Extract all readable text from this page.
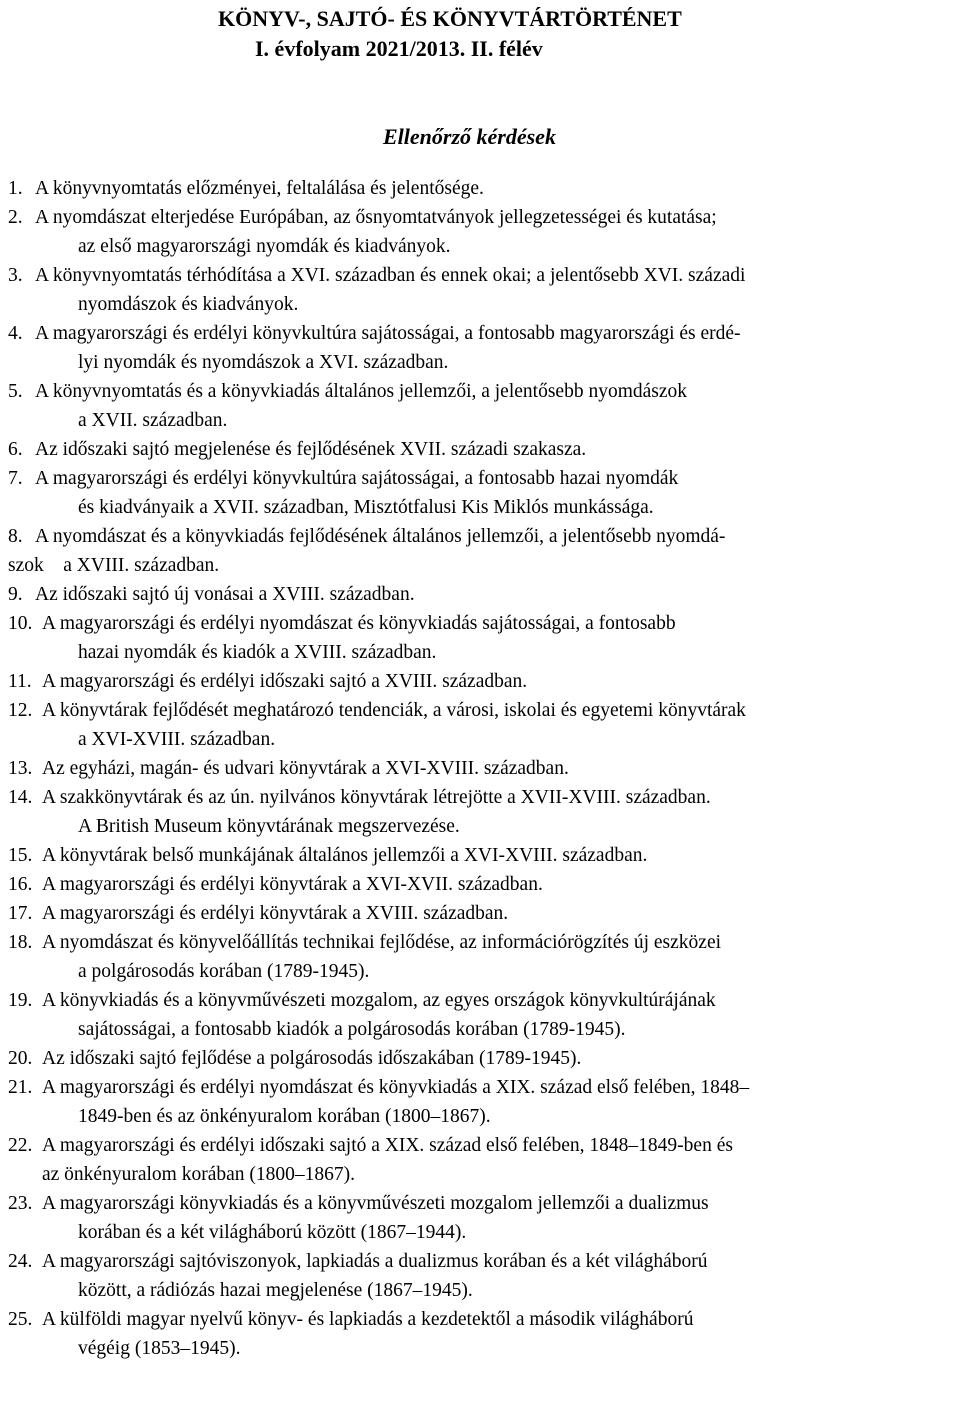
KÖNYV-, SAJTÓ- ÉS KÖNYVTÁRTÖRTÉNET
I. évfolyam 2021/2013. II. félév
Ellenőrző kérdések
1. A könyvnyomtatás előzményei, feltalálása és jelentősége.
2. A nyomdászat elterjedése Európában, az ősnyomtatványok jellegzetességei és kutatása;
az első magyarországi nyomdák és kiadványok.
3. A könyvnyomtatás térhódítása a XVI. században és ennek okai; a jelentősebb XVI. századi
nyomdászok és kiadványok.
4. A magyarországi és erdélyi könyvkultúra sajátosságai, a fontosabb magyarországi és erdé-
lyi nyomdák és nyomdászok a XVI. században.
5. A könyvnyomtatás és a könyvkiadás általános jellemzői, a jelentősebb nyomdászok
a XVII. században.
6. Az időszaki sajtó megjelenése és fejlődésének XVII. századi szakasza.
7. A magyarországi és erdélyi könyvkultúra sajátosságai, a fontosabb hazai nyomdák
és kiadványaik a XVII. században, Misztótfalusi Kis Miklós munkássága.
8. A nyomdászat és a könyvkiadás fejlődésének általános jellemzői, a jelentősebb nyomdá-
szok    a XVIII. században.
9. Az időszaki sajtó új vonásai a XVIII. században.
10. A magyarországi és erdélyi nyomdászat és könyvkiadás sajátosságai, a fontosabb
hazai nyomdák és kiadók a XVIII. században.
11. A magyarországi és erdélyi időszaki sajtó a XVIII. században.
12. A könyvtárak fejlődését meghatározó tendenciák, a városi, iskolai és egyetemi könyvtárak
a XVI-XVIII. században.
13. Az egyházi, magán- és udvari könyvtárak a XVI-XVIII. században.
14. A szakkönyvtárak és az ún. nyilvános könyvtárak létrejötte a XVII-XVIII. században.
A British Museum könyvtárának megszervezése.
15. A könyvtárak belső munkájának általános jellemzői a XVI-XVIII. században.
16. A magyarországi és erdélyi könyvtárak a XVI-XVII. században.
17. A magyarországi és erdélyi könyvtárak a XVIII. században.
18. A nyomdászat és könyvelőállítás technikai fejlődése, az információrögzítés új eszközei
a polgárosodás korában (1789-1945).
19. A könyvkiadás és a könyvművészeti mozgalom, az egyes országok könyvkultúrájának
sajátosságai, a fontosabb kiadók a polgárosodás korában (1789-1945).
20. Az időszaki sajtó fejlődése a polgárosodás időszakában (1789-1945).
21. A magyarországi és erdélyi nyomdászat és könyvkiadás a XIX. század első felében, 1848–
1849-ben és az önkényuralom korában (1800–1867).
22. A magyarországi és erdélyi időszaki sajtó a XIX. század első felében, 1848–1849-ben és
az önkényuralom korában (1800–1867).
23. A magyarországi könyvkiadás és a könyvművészeti mozgalom jellemzői a dualizmus
korában és a két világháború között (1867–1944).
24. A magyarországi sajtóviszonyok, lapkiadás a dualizmus korában és a két világháború
között, a rádiózás hazai megjelenése (1867–1945).
25. A külföldi magyar nyelvű könyv- és lapkiadás a kezdetektől a második világháború
végéig (1853–1945).
